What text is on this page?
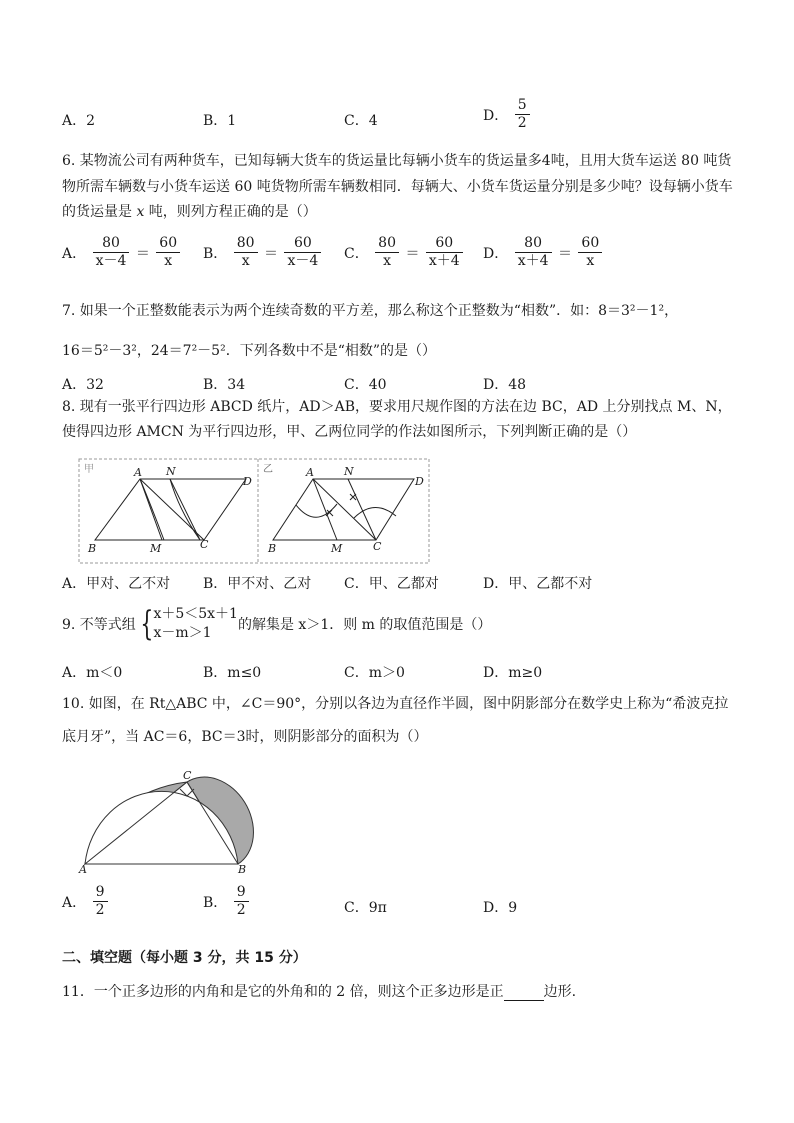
A．2	B．1	C．4	D． $\frac{5}{2}$
6. 某物流公司有两种货车，已知每辆大货车的货运量比每辆小货车的货运量多4吨，且用大货车运送 80 吨货
物所需车辆数与小货车运送 60 吨货物所需车辆数相同．每辆大、小货车货运量分别是多少吨？设每辆小货车
的货运量是 x 吨，则列方程正确的是（）
A． $\frac{80}{x-4} = \frac{60}{x}$ B． $\frac{80}{x} = \frac{60}{x-4}$ C． $\frac{80}{x} = \frac{60}{x+4}$ D． $\frac{80}{x+4} = \frac{60}{x}$
7. 如果一个正整数能表示为两个连续奇数的平方差，那么称这个正整数为“相数”．如：8＝3²－1²，
16＝5²－3²，24＝7²－5²．下列各数中不是“相数”的是（）
A．32	B．34	C．40	D．48
8. 现有一张平行四边形 ABCD 纸片，AD＞AB，要求用尺规作图的方法在边 BC，AD 上分别找点 M、N，
使得四边形 AMCN 为平行四边形，甲、乙两位同学的作法如图所示，下列判断正确的是（）
甲	乙
A N
D
B	M	C
A	N
D
B	M	C
A．甲对、乙不对 B．甲不对、乙对 C．甲、乙都对	D．甲、乙都不对
9. 不等式组 { x＋5＜5x＋1
x－m＞1	的解集是 x＞1．则 m 的取值范围是（）
A．m＜0	B．m≤0	C．m＞0	D．m≥0
10. 如图，在 Rt△ABC 中，∠C＝90°，分别以各边为直径作半圆，图中阴影部分在数学史上称为“希波克拉
底月牙”，当 AC＝6，BC＝3时，则阴影部分的面积为（）
A
C
B
A． $\frac{9}{2}$	B． $\frac{9}{2}$	C．9π	D．9
二、填空题（每小题 3 分，共 15 分）
11．一个正多边形的内角和是它的外角和的 2 倍，则这个正多边形是正	边形.
